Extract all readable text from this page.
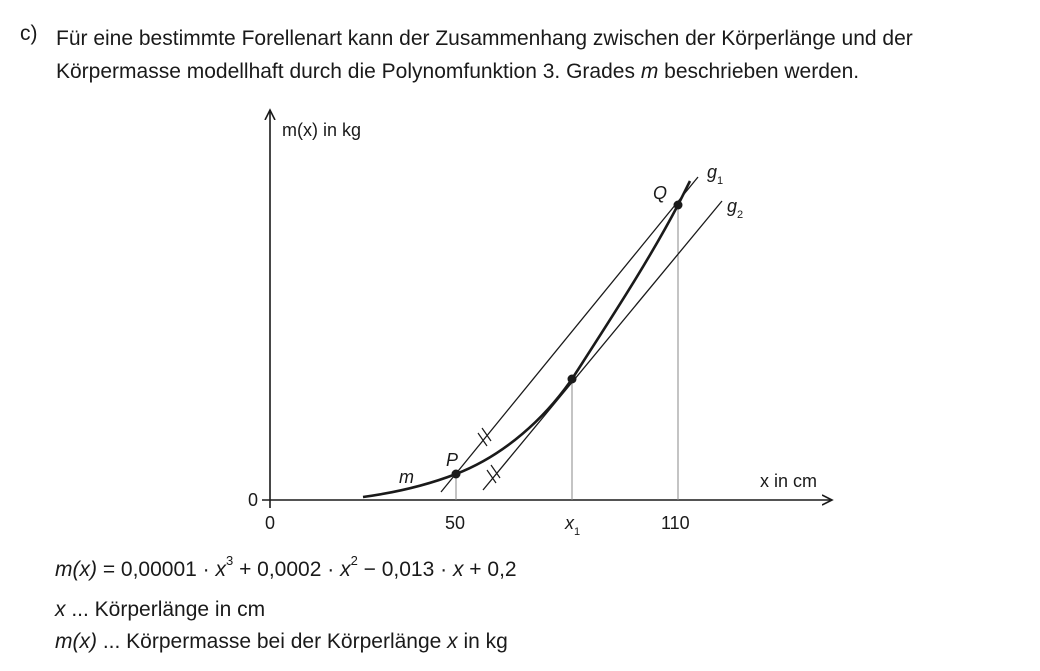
c) Für eine bestimmte Forellenart kann der Zusammenhang zwischen der Körperlänge und der
Körpermasse modellhaft durch die Polynomfunktion 3. Grades m beschrieben werden.
m(x) in kg
x in cm
0
0	50	$x_1$	110
m
P
Q
$g_1$
$g_2$
$m(x) = 0,00001 \cdot x^3 + 0,0002 \cdot x^2 - 0,013 \cdot x + 0,2$
x ... Körperlänge in cm
m(x) ... Körpermasse bei der Körperlänge x in kg
